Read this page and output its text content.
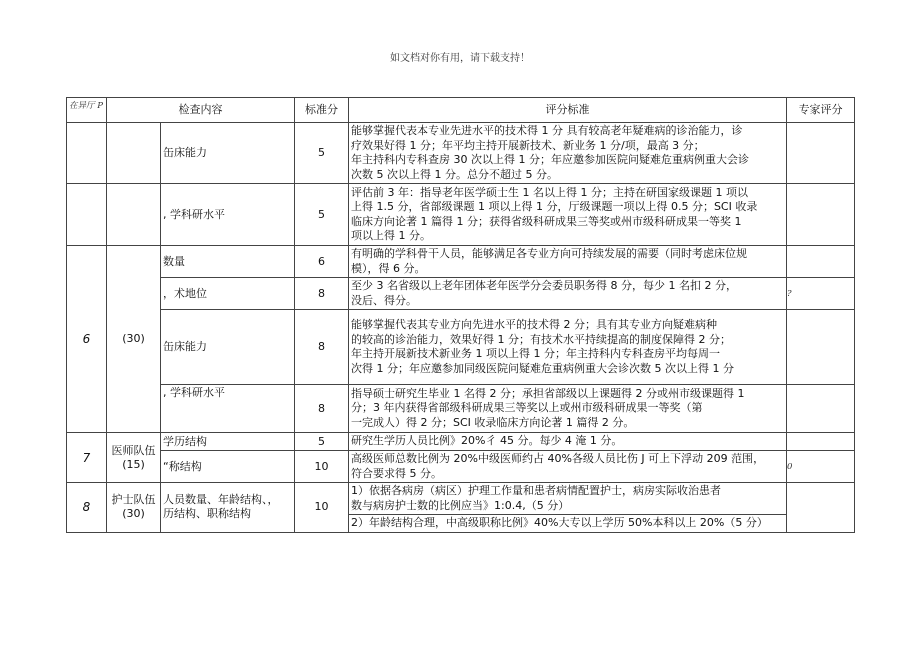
如文档对你有用，请下载支持！
在异厅 P	检查内容		标准分	评分标准	专家评分
		缶床能力	5	能够掌握代表本专业先进水平的技术得 1 分 具有较高老年疑难病的诊治能力，诊
疗效果好得 1 分；年平均主持开展新技术、新业务 1 分/项，最高 3 分；
年主持科内专科查房 30 次以上得 1 分；年应邀参加医院问疑难危重病例重大会诊
次数 5 次以上得 1 分。总分不超过 5 分。	
		, 学科研水平	5	评估前 3 年：指导老年医学硕士生 1 名以上得 1 分；主持在研国家级课题 1 项以
上得 1.5 分，省部级课题 1 项以上得 1 分，厅级课题一项以上得 0.5 分；SCI 收录
临床方向论著 1 篇得 1 分；获得省级科研成果三等奖或州市级科研成果一等奖 1
项以上得 1 分。	
6	(30)	数量	6	有明确的学科骨干人员，能够满足各专业方向可持续发展的需要（同时考虑床位规
模），得 6 分。	
		，术地位	8	至少 3 名省级以上老年团体老年医学分会委员职务得 8 分，每少 1 名扣 2 分，
没后、得分。	?
		缶床能力	8	能够掌握代表其专业方向先进水平的技术得 2 分；具有其专业方向疑难病种
的较高的诊治能力，效果好得 1 分；有技术水平持续提高的制度保障得 2 分；
年主持开展新技术新业务 1 项以上得 1 分；年主持科内专科查房平均每周一
次得 1 分；年应邀参加同级医院问疑难危重病例重大会诊次数 5 次以上得 1 分	
		, 学科研水平	8	指导硕士研究生毕业 1 名得 2 分；承担省部级以上课题得 2 分或州市级课题得 1
分；3 年内获得省部级科研成果三等奖以上或州市级科研成果一等奖（第
一完成人）得 2 分；SCI 收录临床方向论著 1 篇得 2 分。	
7	医师队伍
(15)	学历结构	5	研究生学历人员比例》20%彳 45 分。每少 4 淹 1 分。	
		“称结构	10	高级医师总数比例为 20%中级医师约占 40%各级人员比伤 J 可上下浮动 209 范围，
符合要求得 5 分。	0
8	护士队伍
(30)	人员数量、年龄结构、，
历结构、职称结构	10	1）依据各病房（病区）护理工作量和患者病情配置护士，病房实际收治患者
数与病房护士数的比例应当》1:0.4,（5 分）	
				2）年龄结构合理，中高级职称比例》40%大专以上学历 50%本科以上 20%（5 分）	
